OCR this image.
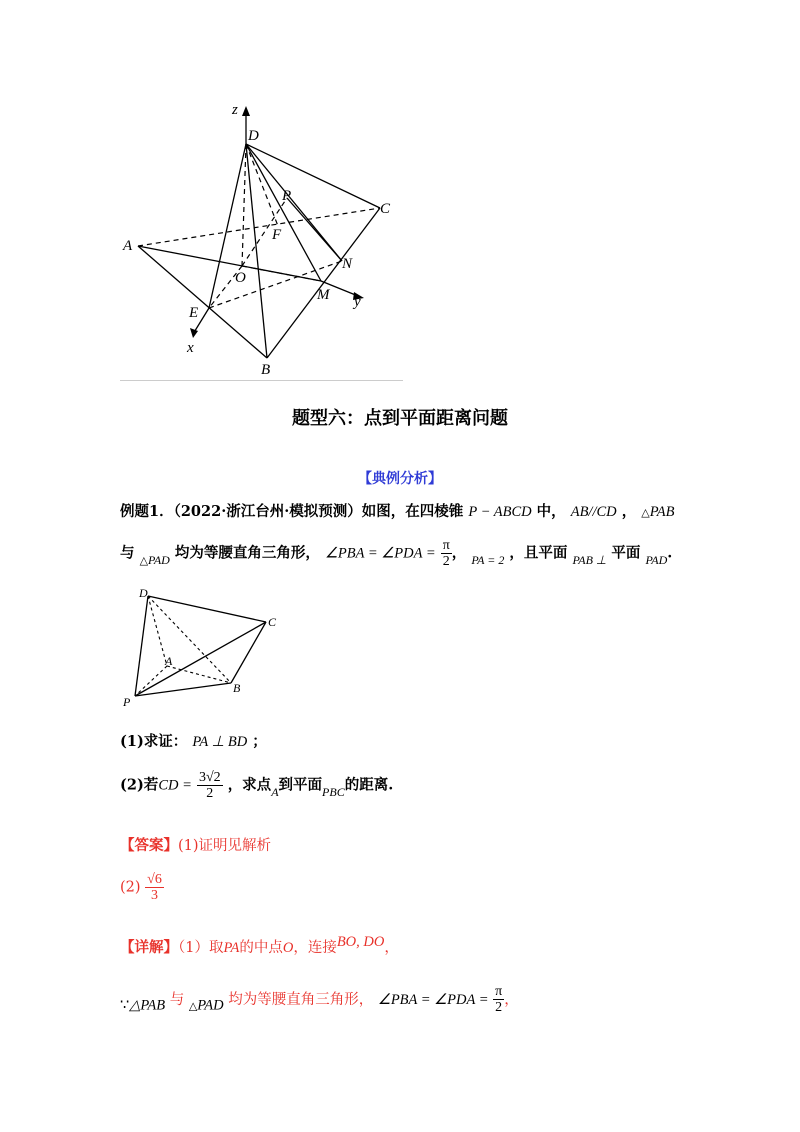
z
D
P
C
A
F
O
N
M
E
y
x
B
题型六：点到平面距离问题
【典例分析】
例题1．（2022·浙江台州·模拟预测）如图，在四棱锥 P − ABCD 中， AB//CD ， △PAB
与 $_{\triangle PAD}$ 均为等腰直角三角形， ∠PBA = ∠PDA = $\frac{\pi}{2}$ ， $_{PA = 2}$ ，且平面 $_{PAB \perp}$ 平面 $_{PAD}$.
D
C
A
B
P
(1)求证： PA ⊥ BD ；
(2)若CD = $\frac{3√2}{2}$ ，求点$_A$到平面$_{PBC}$的距离.
【答案】(1)证明见解析
$(2) \frac{√6}{3}$
【详解】（1）取PA的中点O，连接BO, DO，
∵△PAB 与 △PAD 均为等腰直角三角形， ∠PBA = ∠PDA = $\frac{\pi}{2}$ ，
